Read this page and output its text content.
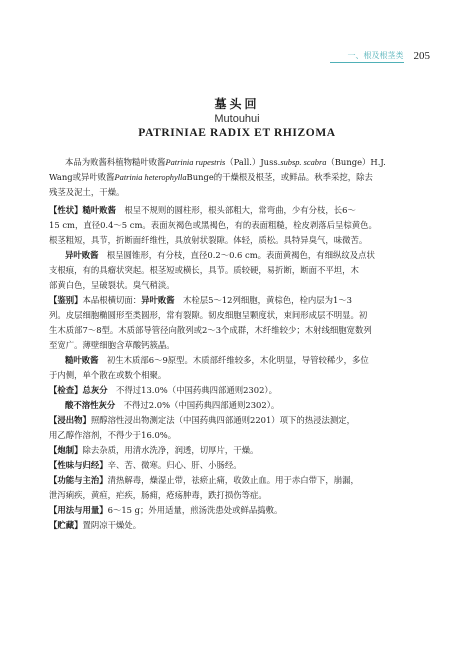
一、根及根茎类 205
墓头回
Mutouhui
PATRINIAE RADIX ET RHIZOMA
本品为败酱科植物糙叶败酱Patrinia rupestris（Pall.）Juss.subsp. scabra（Bunge）H.J.
Wang或异叶败酱Patrinia heterophyllaBunge的干燥根及根茎，或鲜品。秋季采挖，除去
残茎及泥土，干燥。
【性状】糙叶败酱　 根呈不规则的圆柱形，根头部粗大，常弯曲，少有分枝，长6～
15 cm，直径0.4～5 cm。表面灰褐色或黑褐色，有的表面粗糙，栓皮剥落后呈棕黄色。
根茎粗短，具节，折断面纤维性，具放射状裂隙。体轻，质松。具特异臭气，味微苦。
异叶败酱　 根呈圆锥形，有分枝，直径0.2～0.6 cm。表面黄褐色，有细纵纹及点状
支根痕，有的具瘤状突起。根茎短或横长，具节。质较硬，易折断，断面不平坦，木
部黄白色，呈破裂状。臭气稍淡。
【鉴别】本品根横切面：异叶败酱　 木栓层5～12列细胞，黄棕色，栓内层为1～3
列。皮层细胞椭圆形至类圆形，常有裂隙。韧皮细胞呈颗度状，束间形成层不明显。初
生木质部7～8型。木质部导管径向散列或2～3个成群，木纤维较少；木射线细胞宽数列
至宽广。薄壁细胞含草酸钙簇晶。
糙叶败酱　 初生木质部6～9原型。木质部纤维较多，木化明显，导管较稀少，多位
于内侧，单个散在或数个相聚。
【检查】总灰分　 不得过13.0%（中国药典四部通则2302）。
酸不溶性灰分　 不得过2.0%（中国药典四部通则2302）。
【浸出物】照醇溶性浸出物测定法（中国药典四部通则2201）项下的热浸法测定，
用乙醇作溶剂，不得少于16.0%。
【炮制】除去杂质，用清水洗净，润透，切厚片，干燥。
【性味与归经】辛、苦、微寒。归心、肝、小肠经。
【功能与主治】清热解毒，燥湿止带，祛瘀止痛，收敛止血。用于赤白带下，崩漏，
泄泻痢疾，黄疸，疟疾，肠痈，疮疡肿毒，跌打损伤等症。
【用法与用量】6～15 g；外用适量，煎汤洗患处或鲜品捣敷。
【贮藏】置阴凉干燥处。
